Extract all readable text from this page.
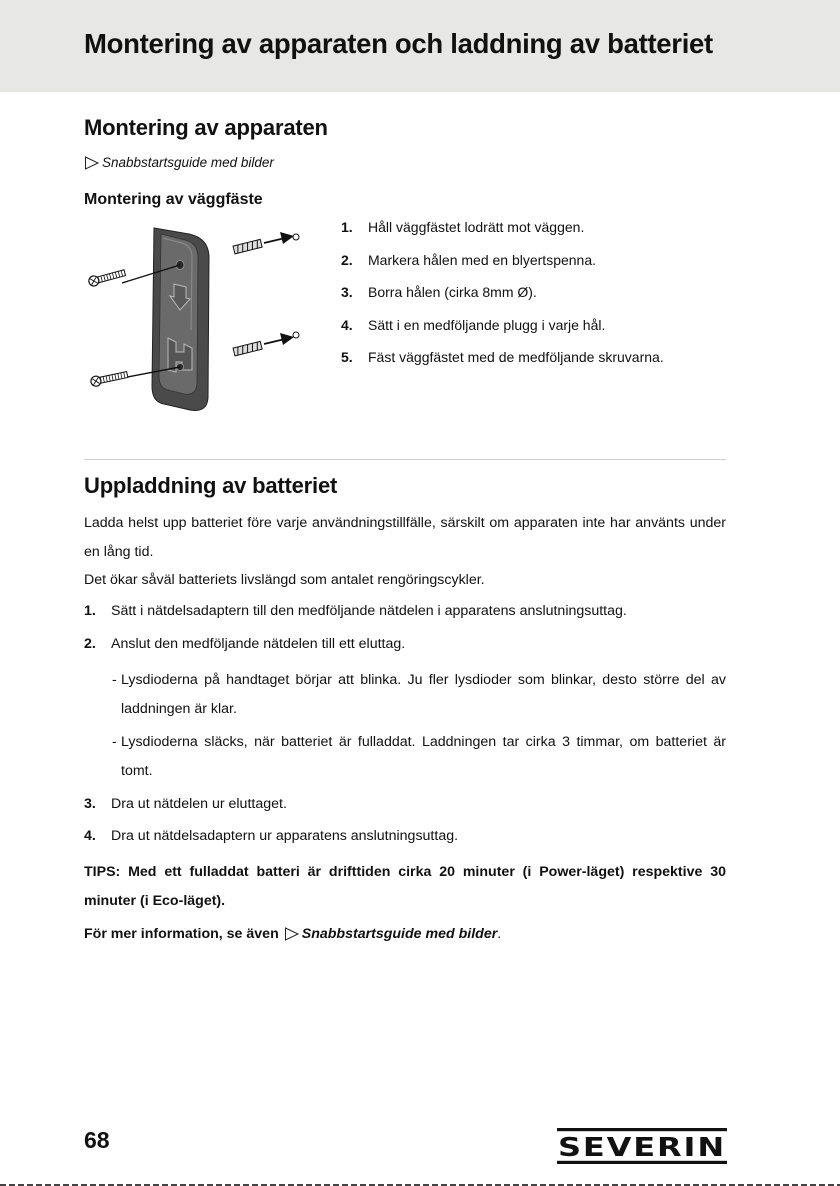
Montering av apparaten och laddning av batteriet
Montering av apparaten
Snabbstartsguide med bilder
Montering av väggfäste
1.	Håll väggfästet lodrätt mot väggen.
2.	Markera hålen med en blyertspenna.
3.	Borra hålen (cirka 8mm Ø).
4.	Sätt i en medföljande plugg i varje hål.
5.	Fäst väggfästet med de medföljande skruvarna.
Uppladdning av batteriet
Ladda helst upp batteriet före varje användningstillfälle, särskilt om apparaten inte har använts under en lång tid.
Det ökar såväl batteriets livslängd som antalet rengöringscykler.
1.	Sätt i nätdelsadaptern till den medföljande nätdelen i apparatens anslutningsuttag.
2.	Anslut den medföljande nätdelen till ett eluttag.
- Lysdioderna på handtaget börjar att blinka. Ju fler lysdioder som blinkar, desto större del av laddningen är klar.
- Lysdioderna släcks, när batteriet är fulladdat. Laddningen tar cirka 3 timmar, om batteriet är tomt.
3.	Dra ut nätdelen ur eluttaget.
4.	Dra ut nätdelsadaptern ur apparatens anslutningsuttag.
TIPS: Med ett fulladdat batteri är drifttiden cirka 20 minuter (i Power-läget) respektive 30 minuter (i Eco-läget).
För mer information, se även Snabbstartsguide med bilder .
68	SEVERIN
